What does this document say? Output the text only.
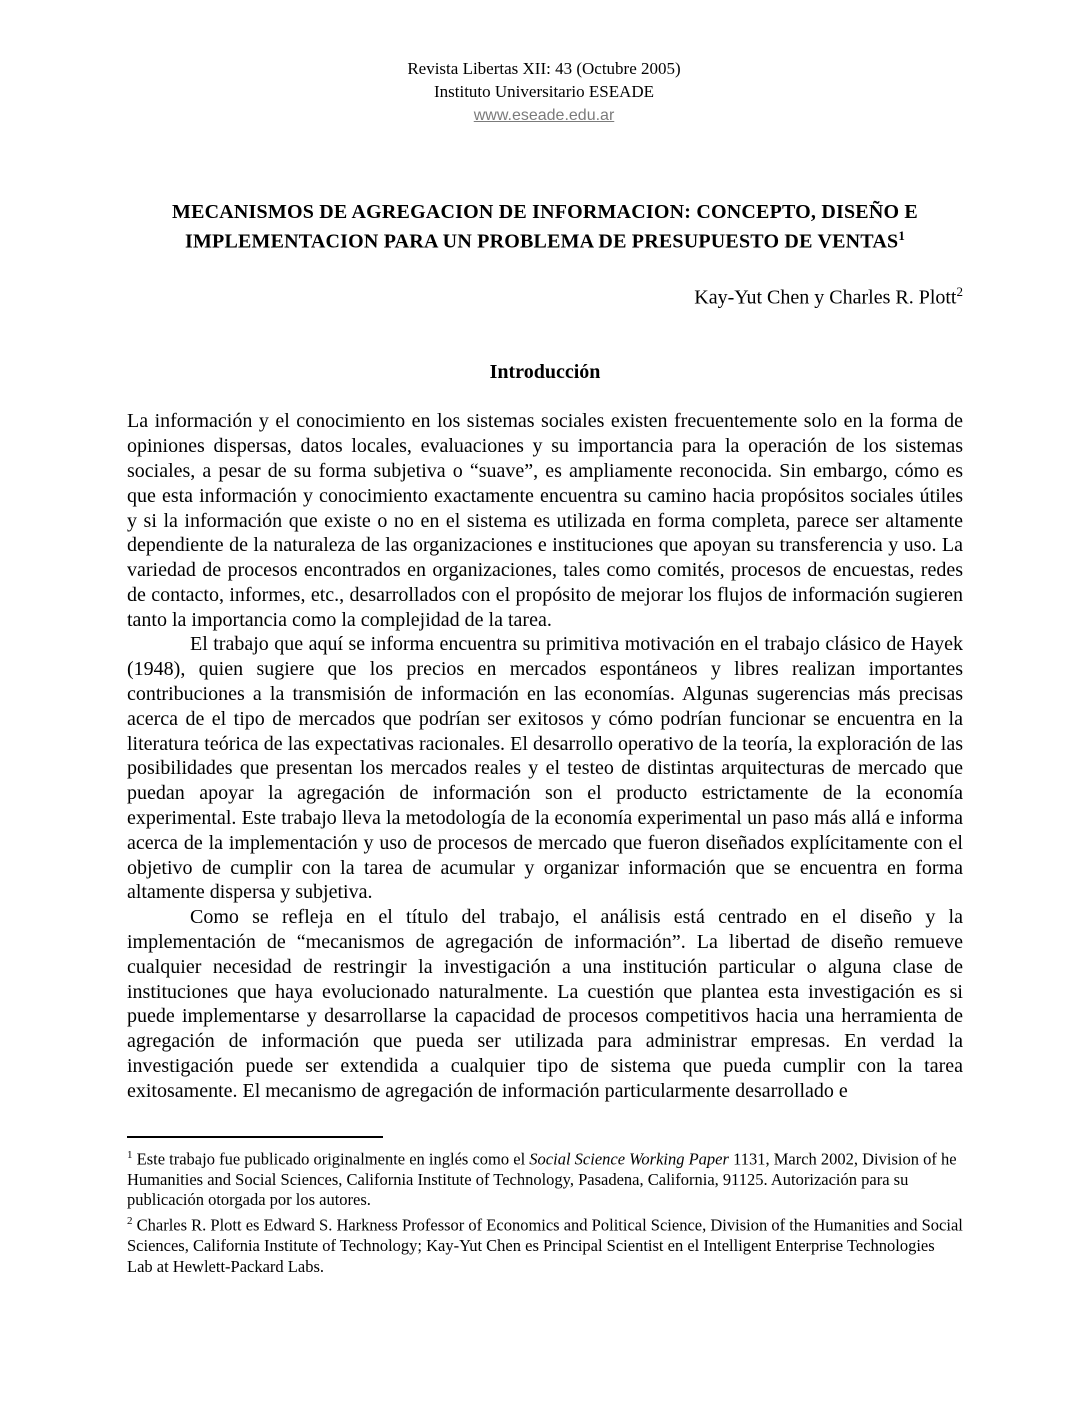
Revista Libertas XII: 43 (Octubre 2005)
Instituto Universitario ESEADE
www.eseade.edu.ar
MECANISMOS DE AGREGACION DE INFORMACION: CONCEPTO, DISEÑO E
IMPLEMENTACION PARA UN PROBLEMA DE PRESUPUESTO DE VENTAS$^1$
Kay-Yut Chen y Charles R. Plott$^2$
Introducción

La información y el conocimiento en los sistemas sociales existen frecuentemente solo en la forma de opiniones dispersas, datos locales, evaluaciones y su importancia para la operación de los sistemas sociales, a pesar de su forma subjetiva o “suave”, es ampliamente reconocida. Sin embargo, cómo es que esta información y conocimiento exactamente encuentra su camino hacia propósitos sociales útiles y si la información que existe o no en el sistema es utilizada en forma completa, parece ser altamente dependiente de la naturaleza de las organizaciones e instituciones que apoyan su transferencia y uso. La variedad de procesos encontrados en organizaciones, tales como comités, procesos de encuestas, redes de contacto, informes, etc., desarrollados con el propósito de mejorar los flujos de información sugieren tanto la importancia como la complejidad de la tarea.

El trabajo que aquí se informa encuentra su primitiva motivación en el trabajo clásico de Hayek (1948), quien sugiere que los precios en mercados espontáneos y libres realizan importantes contribuciones a la transmisión de información en las economías. Algunas sugerencias más precisas acerca de el tipo de mercados que podrían ser exitosos y cómo podrían funcionar se encuentra en la literatura teórica de las expectativas racionales. El desarrollo operativo de la teoría, la exploración de las posibilidades que presentan los mercados reales y el testeo de distintas arquitecturas de mercado que puedan apoyar la agregación de información son el producto estrictamente de la economía experimental. Este trabajo lleva la metodología de la economía experimental un paso más allá e informa acerca de la implementación y uso de procesos de mercado que fueron diseñados explícitamente con el objetivo de cumplir con la tarea de acumular y organizar información que se encuentra en forma altamente dispersa y subjetiva.

Como se refleja en el título del trabajo, el análisis está centrado en el diseño y la implementación de “mecanismos de agregación de información”. La libertad de diseño remueve cualquier necesidad de restringir la investigación a una institución particular o alguna clase de instituciones que haya evolucionado naturalmente. La cuestión que plantea esta investigación es si puede implementarse y desarrollarse la capacidad de procesos competitivos hacia una herramienta de agregación de información que pueda ser utilizada para administrar empresas. En verdad la investigación puede ser extendida a cualquier tipo de sistema que pueda cumplir con la tarea exitosamente. El mecanismo de agregación de información particularmente desarrollado e

$^1$ Este trabajo fue publicado originalmente en inglés como el Social Science Working Paper 1131, March 2002, Division of he Humanities and Social Sciences, California Institute of Technology, Pasadena, California, 91125. Autorización para su publicación otorgada por los autores.

$^2$ Charles R. Plott es Edward S. Harkness Professor of Economics and Political Science, Division of the Humanities and Social Sciences, California Institute of Technology; Kay-Yut Chen es Principal Scientist en el Intelligent Enterprise Technologies Lab at Hewlett-Packard Labs.
